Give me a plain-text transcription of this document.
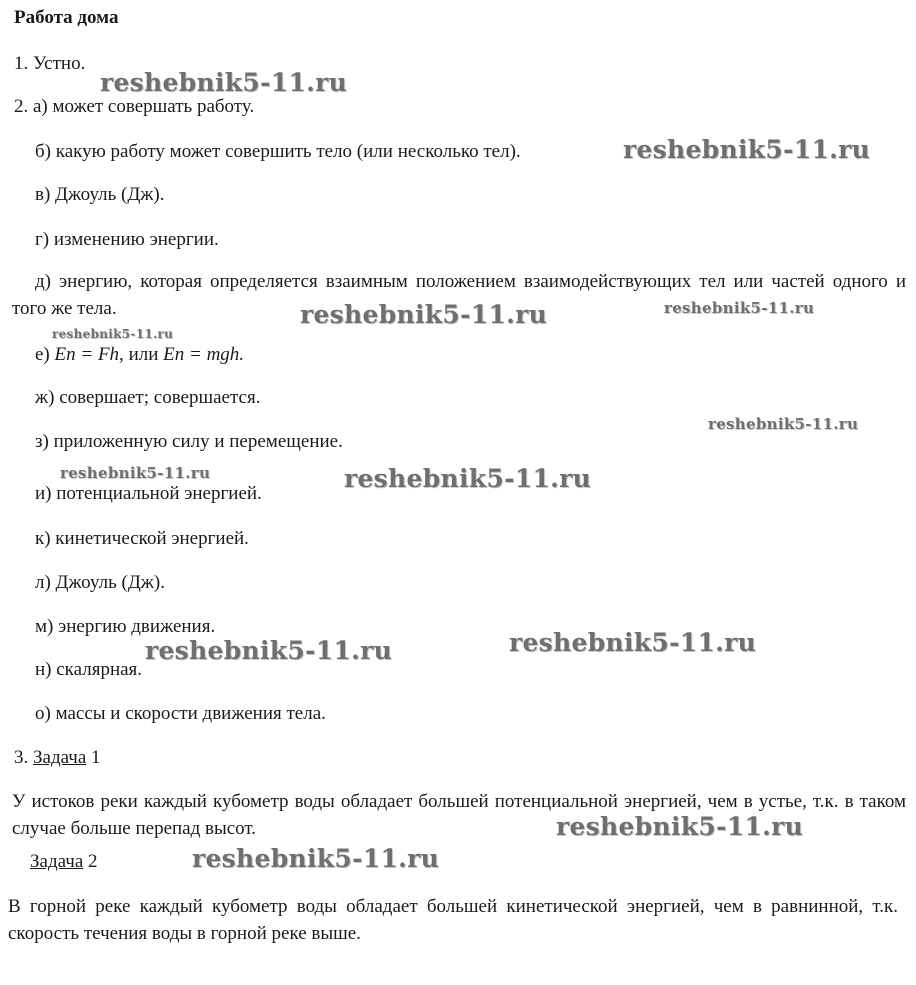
Работа дома
1. Устно.
2. а) может совершать работу.
б) какую работу может совершить тело (или несколько тел).
в) Джоуль (Дж).
г) изменению энергии.
д) энергию, которая определяется взаимным положением взаимодействующих тел или частей одного и того же тела.
е) Eп = Fh, или Eп = mgh.
ж) совершает; совершается.
з) приложенную силу и перемещение.
и) потенциальной энергией.
к) кинетической энергией.
л) Джоуль (Дж).
м) энергию движения.
н) скалярная.
о) массы и скорости движения тела.
3. Задача 1
У истоков реки каждый кубометр воды обладает большей потенциальной энергией, чем в устье, т.к. в таком случае больше перепад высот.
Задача 2
В горной реке каждый кубометр воды обладает большей кинетической энергией, чем в равнинной, т.к. скорость течения воды в горной реке выше.
reshebnik5-11.ru
reshebnik5-11.ru
reshebnik5-11.ru	reshebnik5-11.ru
reshebnik5-11.ru
reshebnik5-11.ru
reshebnik5-11.ru	reshebnik5-11.ru
reshebnik5-11.ru
reshebnik5-11.ru
reshebnik5-11.ru
reshebnik5-11.ru
